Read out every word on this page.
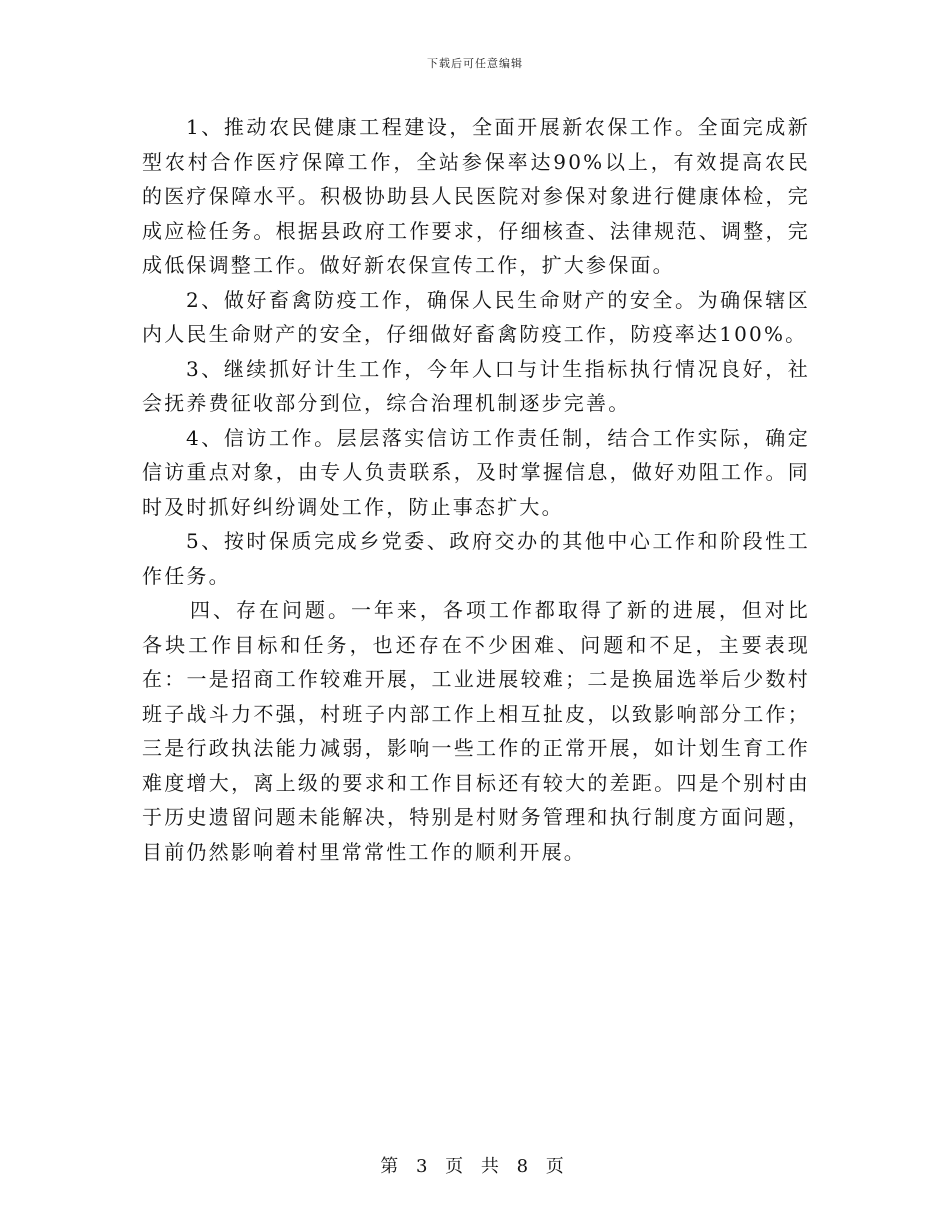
下载后可任意编辑

1、推动农民健康工程建设，全面开展新农保工作。全面完成新型农村合作医疗保障工作，全站参保率达90%以上，有效提高农民的医疗保障水平。积极协助县人民医院对参保对象进行健康体检，完成应检任务。根据县政府工作要求，仔细核查、法律规范、调整，完成低保调整工作。做好新农保宣传工作，扩大参保面。

2、做好畜禽防疫工作，确保人民生命财产的安全。为确保辖区内人民生命财产的安全，仔细做好畜禽防疫工作，防疫率达100%。

3、继续抓好计生工作，今年人口与计生指标执行情况良好，社会抚养费征收部分到位，综合治理机制逐步完善。

4、信访工作。层层落实信访工作责任制，结合工作实际，确定信访重点对象，由专人负责联系，及时掌握信息，做好劝阻工作。同时及时抓好纠纷调处工作，防止事态扩大。

5、按时保质完成乡党委、政府交办的其他中心工作和阶段性工作任务。

四、存在问题。一年来，各项工作都取得了新的进展，但对比各块工作目标和任务，也还存在不少困难、问题和不足，主要表现在：一是招商工作较难开展，工业进展较难；二是换届选举后少数村班子战斗力不强，村班子内部工作上相互扯皮，以致影响部分工作；三是行政执法能力减弱，影响一些工作的正常开展，如计划生育工作难度增大，离上级的要求和工作目标还有较大的差距。四是个别村由于历史遗留问题未能解决，特别是村财务管理和执行制度方面问题，目前仍然影响着村里常常性工作的顺利开展。

第 3 页 共 8 页
